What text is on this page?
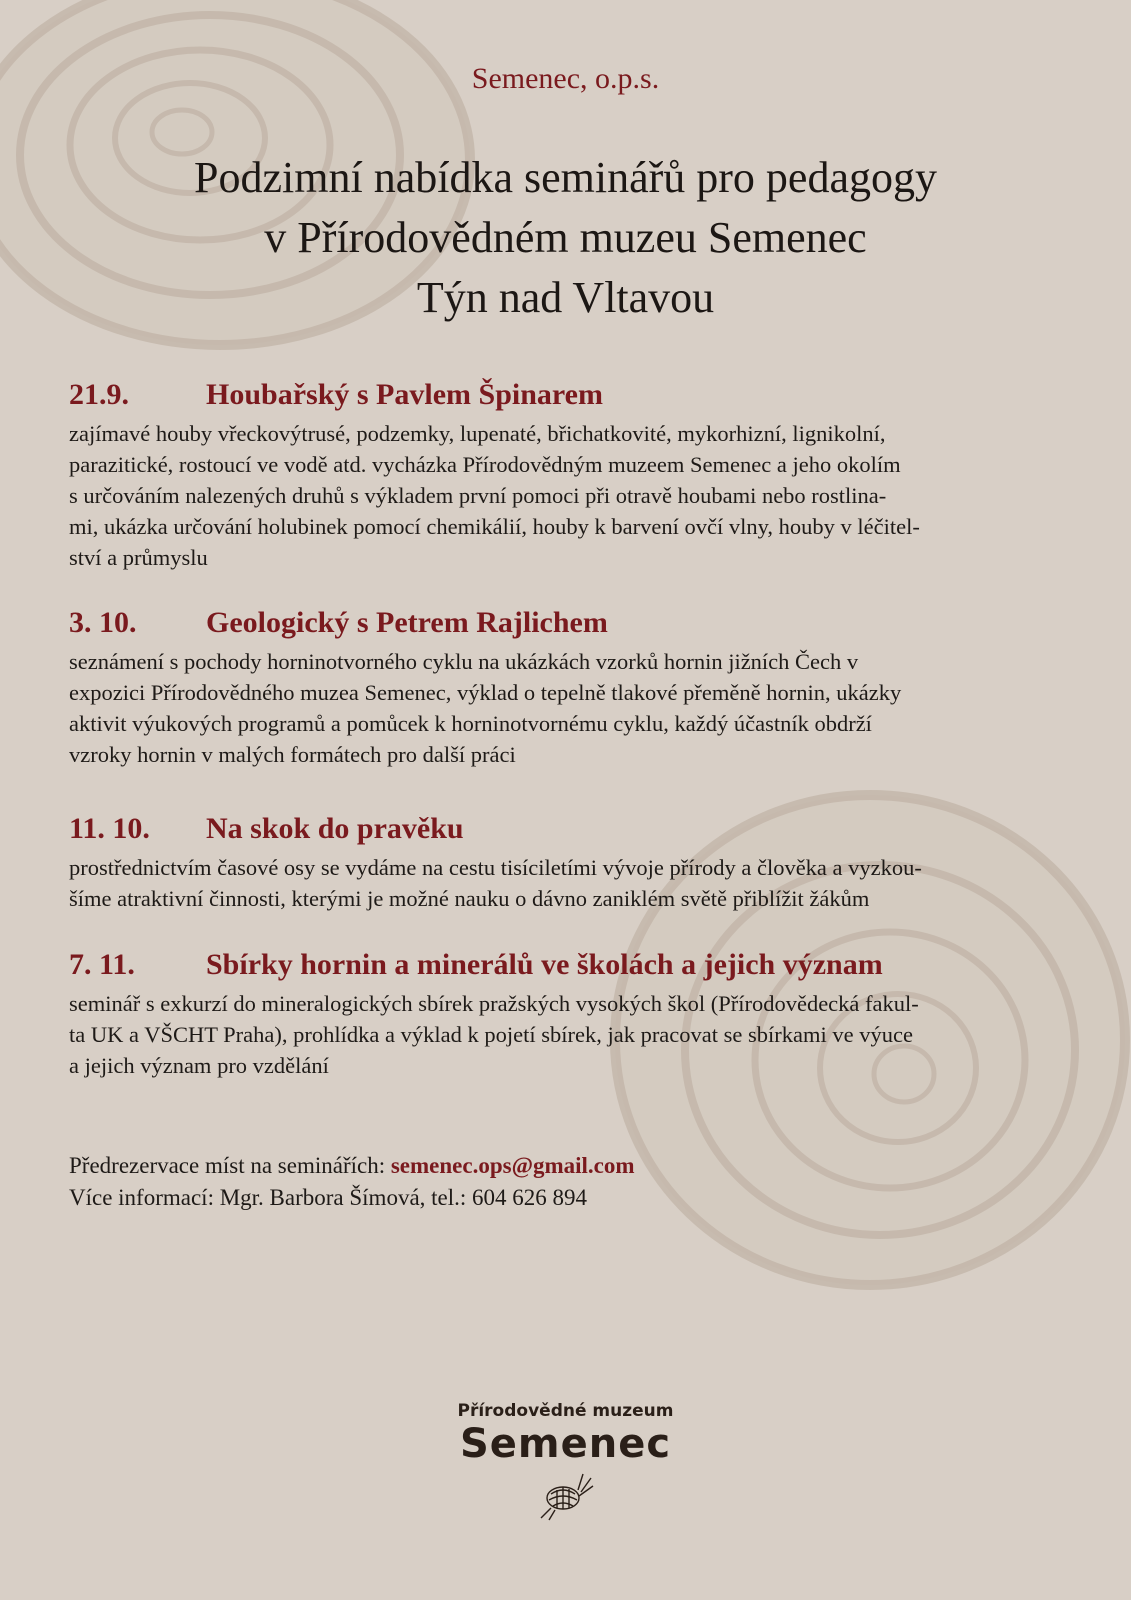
Semenec, o.p.s.
Podzimní nabídka seminářů pro pedagogy
v Přírodovědném muzeu Semenec
Týn nad Vltavou
21.9.	Houbařský s Pavlem Špinarem
zajímavé houby vřeckovýtrusé, podzemky, lupenaté, břichatkovité, mykorhizní, lignikolní,
parazitické, rostoucí ve vodě atd. vycházka Přírodovědným muzeem Semenec a jeho okolím
s určováním nalezených druhů s výkladem první pomoci při otravě houbami nebo rostlina-
mi, ukázka určování holubinek pomocí chemikálií, houby k barvení ovčí vlny, houby v léčitel-
ství a průmyslu
3. 10. Geologický s Petrem Rajlichem
seznámení s pochody horninotvorného cyklu na ukázkách vzorků hornin jižních Čech v
expozici Přírodovědného muzea Semenec, výklad o tepelně tlakové přeměně hornin, ukázky
aktivit výukových programů a pomůcek k horninotvornému cyklu, každý účastník obdrží
vzroky hornin v malých formátech pro další práci
11. 10. Na skok do pravěku
prostřednictvím časové osy se vydáme na cestu tisíciletími vývoje přírody a člověka a vyzkou-
šíme atraktivní činnosti, kterými je možné nauku o dávno zaniklém světě přiblížit žákům
7. 11. Sbírky hornin a minerálů ve školách a jejich význam
seminář s exkurzí do mineralogických sbírek pražských vysokých škol (Přírodovědecká fakul-
ta UK a VŠCHT Praha), prohlídka a výklad k pojetí sbírek, jak pracovat se sbírkami ve výuce
a jejich význam pro vzdělání
Předrezervace míst na seminářích: semenec.ops@gmail.com
Více informací: Mgr. Barbora Šímová, tel.: 604 626 894
Přírodovědné muzeum
Semenec
